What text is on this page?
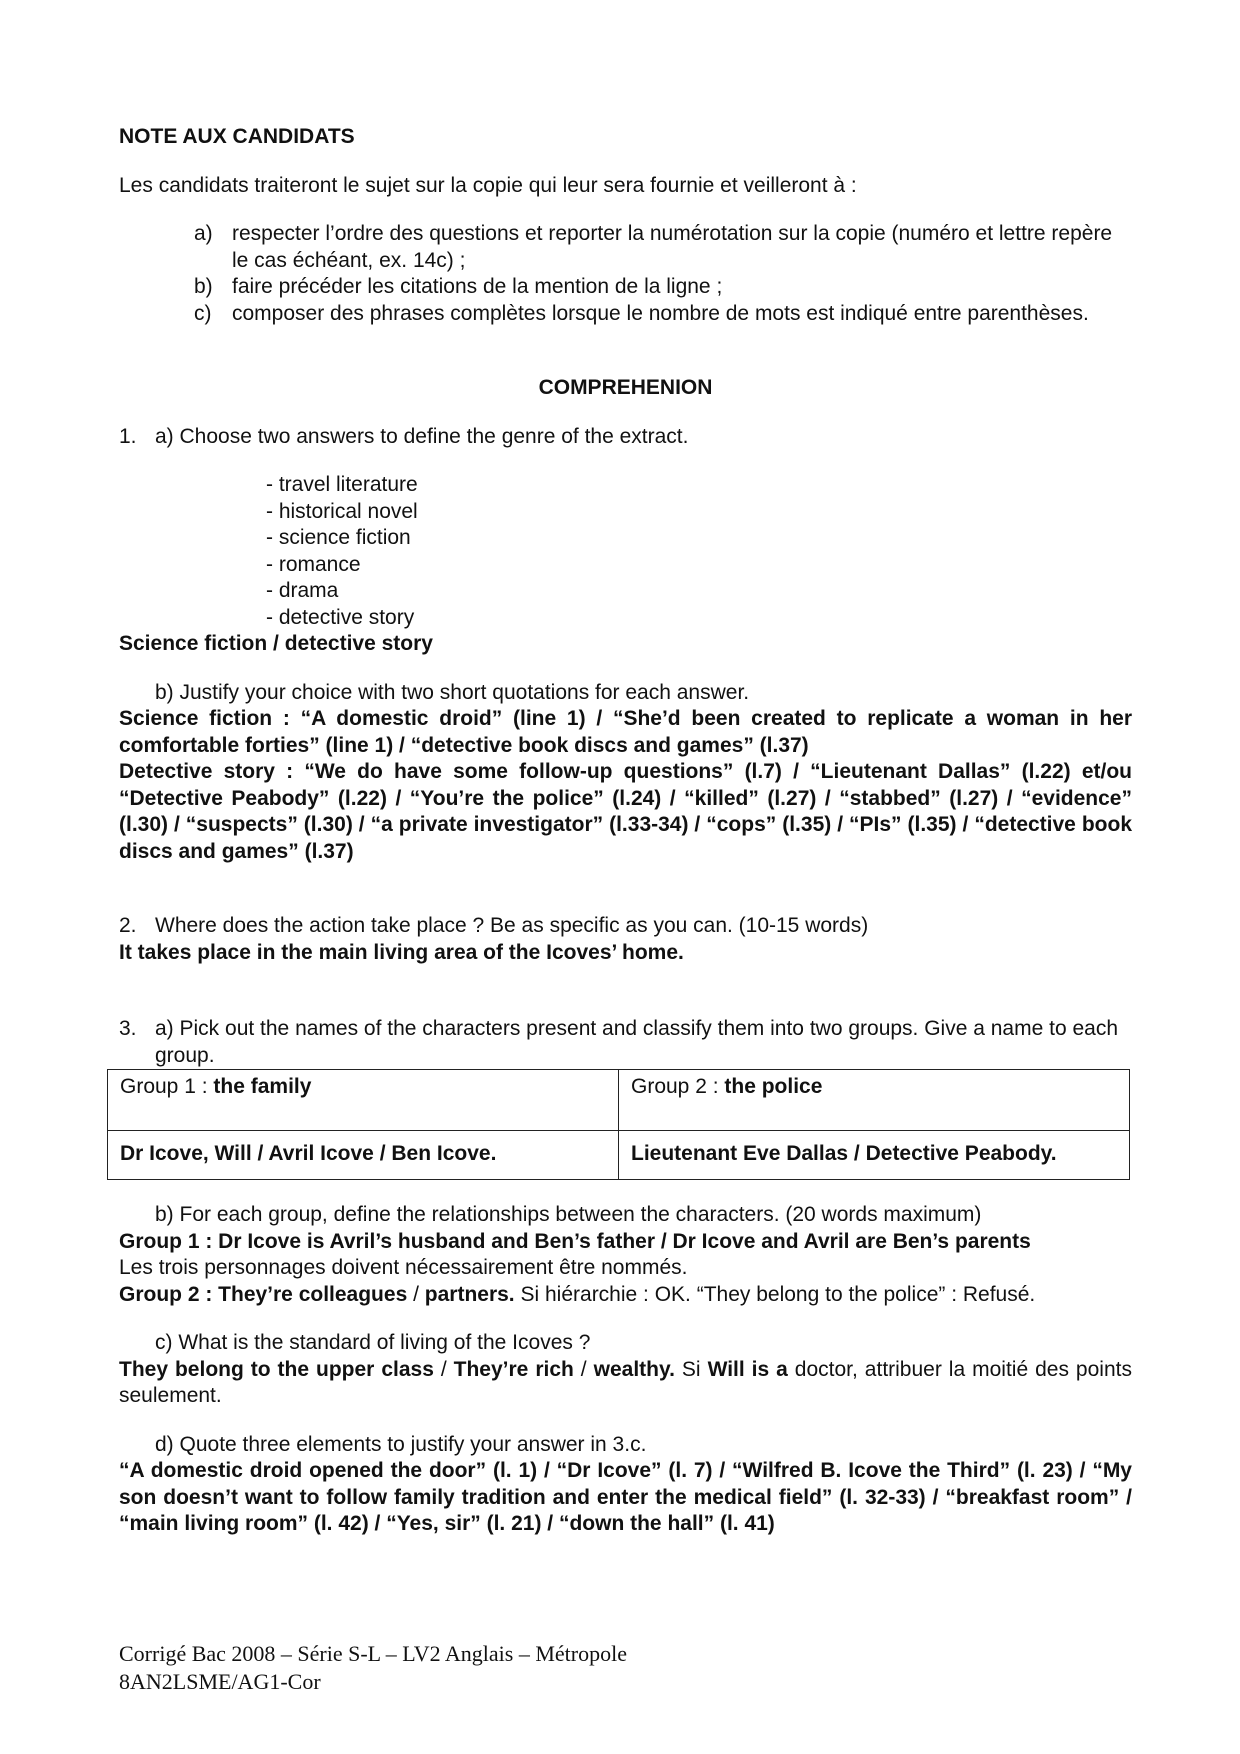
NOTE AUX CANDIDATS

Les candidats traiteront le sujet sur la copie qui leur sera fournie et veilleront à :

a) respecter l’ordre des questions et reporter la numérotation sur la copie (numéro et lettre repère le cas échéant, ex. 14c) ;
b) faire précéder les citations de la mention de la ligne ;
c) composer des phrases complètes lorsque le nombre de mots est indiqué entre parenthèses.

COMPREHENION

1. a) Choose two answers to define the genre of the extract.

- travel literature

- historical novel

- science fiction

- romance

- drama

- detective story

Science fiction / detective story

b) Justify your choice with two short quotations for each answer.

Science fiction : “A domestic droid” (line 1) / “She’d been created to replicate a woman in her comfortable forties” (line 1) / “detective book discs and games” (l.37)

Detective story : “We do have some follow-up questions” (l.7) / “Lieutenant Dallas” (l.22) et/ou “Detective Peabody” (l.22) / “You’re the police” (l.24) / “killed” (l.27) / “stabbed” (l.27) / “evidence” (l.30) / “suspects” (l.30) / “a private investigator” (l.33-34) / “cops” (l.35) / “PIs” (l.35) / “detective book discs and games” (l.37)

2. Where does the action take place ? Be as specific as you can. (10-15 words)

It takes place in the main living area of the Icoves’ home.

3. a) Pick out the names of the characters present and classify them into two groups. Give a name to each group.

Group 1 : the family	Group 2 : the police
Dr Icove, Will / Avril Icove / Ben Icove.	Lieutenant Eve Dallas / Detective Peabody.

b) For each group, define the relationships between the characters. (20 words maximum)

Group 1 : Dr Icove is Avril’s husband and Ben’s father / Dr Icove and Avril are Ben’s parents

Les trois personnages doivent nécessairement être nommés.

Group 2 : They’re colleagues / partners. Si hiérarchie : OK. “They belong to the police” : Refusé.

c) What is the standard of living of the Icoves ?

They belong to the upper class / They’re rich / wealthy. Si Will is a doctor, attribuer la moitié des points seulement.

d) Quote three elements to justify your answer in 3.c.

“A domestic droid opened the door” (l. 1) / “Dr Icove” (l. 7) / “Wilfred B. Icove the Third” (l. 23) / “My son doesn’t want to follow family tradition and enter the medical field” (l. 32-33) / “breakfast room” / “main living room” (l. 42) / “Yes, sir” (l. 21) / “down the hall” (l. 41)

Corrigé Bac 2008 – Série S-L – LV2 Anglais – Métropole

8AN2LSME/AG1-Cor
